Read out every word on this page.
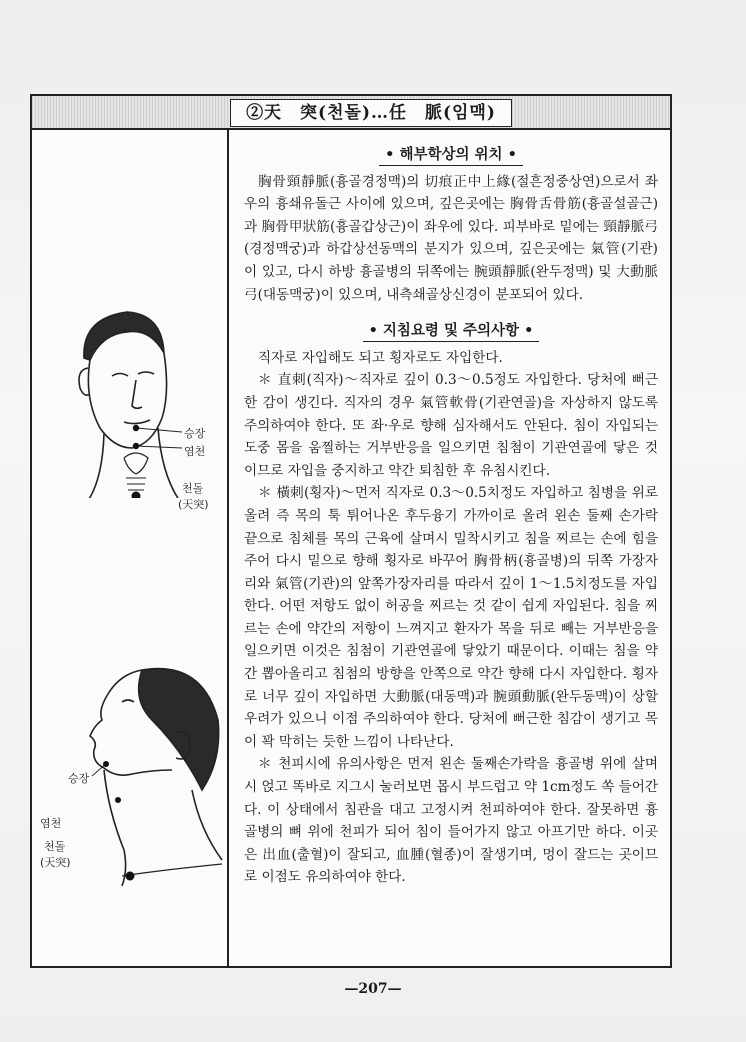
②天　突(천돌)…任　脈(임맥)
승장
염천
천돌
(天突)
승장
염천
천돌
(天突)
• 해부학상의 위치 •

胸骨頸靜脈(흉골경정맥)의 切痕正中上緣(절흔정중상연)으로서 좌우의 흉쇄유돌근 사이에 있으며, 깊은곳에는 胸骨舌骨筋(흉골설골근)과 胸骨甲狀筋(흉골갑상근)이 좌우에 있다. 피부바로 밑에는 頸靜脈弓(경정맥궁)과 하갑상선동맥의 분지가 있으며, 깊은곳에는 氣管(기관)이 있고, 다시 하방 흉골병의 뒤쪽에는 腕頭靜脈(완두정맥) 및 大動脈弓(대동맥궁)이 있으며, 내측쇄골상신경이 분포되어 있다.

• 지침요령 및 주의사항 •

직자로 자입해도 되고 횡자로도 자입한다.

＊ 直刺(직자)～직자로 깊이 0.3～0.5정도 자입한다. 당처에 뻐근한 감이 생긴다. 직자의 경우 氣管軟骨(기관연골)을 자상하지 않도록 주의하여야 한다. 또 좌·우로 향해 심자해서도 안된다. 침이 자입되는 도중 몸을 움찔하는 거부반응을 일으키면 침첨이 기관연골에 닿은 것이므로 자입을 중지하고 약간 퇴침한 후 유침시킨다.

＊ 橫刺(횡자)～먼저 직자로 0.3～0.5치정도 자입하고 침병을 위로 올려 즉 목의 툭 튀어나온 후두융기 가까이로 올려 왼손 둘째 손가락 끝으로 침체를 목의 근육에 살며시 밀착시키고 침을 찌르는 손에 힘을 주어 다시 밑으로 향해 횡자로 바꾸어 胸骨柄(흉골병)의 뒤쪽 가장자리와 氣管(기관)의 앞쪽가장자리를 따라서 깊이 1～1.5치정도를 자입한다. 어떤 저항도 없이 허공을 찌르는 것 같이 쉽게 자입된다. 침을 찌르는 손에 약간의 저항이 느껴지고 환자가 목을 뒤로 빼는 거부반응을 일으키면 이것은 침첨이 기관연골에 닿았기 때문이다. 이때는 침을 약간 뽑아올리고 침첨의 방향을 안쪽으로 약간 향해 다시 자입한다. 횡자로 너무 깊이 자입하면 大動脈(대동맥)과 腕頭動脈(완두동맥)이 상할 우려가 있으니 이점 주의하여야 한다. 당처에 뻐근한 침감이 생기고 목이 꽉 막히는 듯한 느낌이 나타난다.

＊ 천피시에 유의사항은 먼저 왼손 둘째손가락을 흉골병 위에 살며시 얹고 똑바로 지그시 눌러보면 몹시 부드럽고 약 1cm정도 쏙 들어간다. 이 상태에서 침관을 대고 고정시켜 천피하여야 한다. 잘못하면 흉골병의 뼈 위에 천피가 되어 침이 들어가지 않고 아프기만 하다. 이곳은 出血(출혈)이 잘되고, 血腫(혈종)이 잘생기며, 멍이 잘드는 곳이므로 이점도 유의하여야 한다.

—207—
